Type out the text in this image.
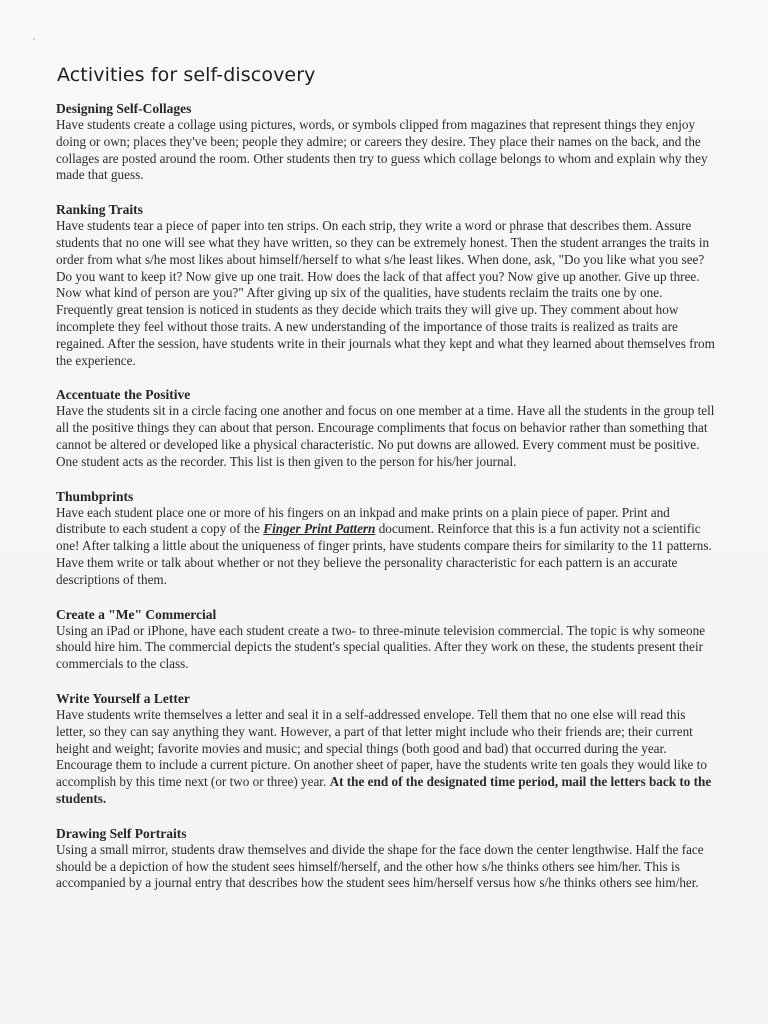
Activities for self-discovery
Designing Self-Collages

Have students create a collage using pictures, words, or symbols clipped from magazines that represent things they enjoy doing or own; places they've been; people they admire; or careers they desire. They place their names on the back, and the collages are posted around the room. Other students then try to guess which collage belongs to whom and explain why they made that guess.

Ranking Traits

Have students tear a piece of paper into ten strips. On each strip, they write a word or phrase that describes them. Assure students that no one will see what they have written, so they can be extremely honest. Then the student arranges the traits in order from what s/he most likes about himself/herself to what s/he least likes. When done, ask, "Do you like what you see? Do you want to keep it? Now give up one trait. How does the lack of that affect you? Now give up another. Give up three. Now what kind of person are you?" After giving up six of the qualities, have students reclaim the traits one by one. Frequently great tension is noticed in students as they decide which traits they will give up. They comment about how incomplete they feel without those traits. A new understanding of the importance of those traits is realized as traits are regained. After the session, have students write in their journals what they kept and what they learned about themselves from the experience.

Accentuate the Positive

Have the students sit in a circle facing one another and focus on one member at a time. Have all the students in the group tell all the positive things they can about that person. Encourage compliments that focus on behavior rather than something that cannot be altered or developed like a physical characteristic. No put downs are allowed. Every comment must be positive. One student acts as the recorder. This list is then given to the person for his/her journal.

Thumbprints

Have each student place one or more of his fingers on an inkpad and make prints on a plain piece of paper. Print and distribute to each student a copy of the Finger Print Pattern document. Reinforce that this is a fun activity not a scientific one! After talking a little about the uniqueness of finger prints, have students compare theirs for similarity to the 11 patterns. Have them write or talk about whether or not they believe the personality characteristic for each pattern is an accurate descriptions of them.

Create a "Me" Commercial

Using an iPad or iPhone, have each student create a two- to three-minute television commercial. The topic is why someone should hire him. The commercial depicts the student's special qualities. After they work on these, the students present their commercials to the class.

Write Yourself a Letter

Have students write themselves a letter and seal it in a self-addressed envelope. Tell them that no one else will read this letter, so they can say anything they want. However, a part of that letter might include who their friends are; their current height and weight; favorite movies and music; and special things (both good and bad) that occurred during the year. Encourage them to include a current picture. On another sheet of paper, have the students write ten goals they would like to accomplish by this time next (or two or three) year. At the end of the designated time period, mail the letters back to the students.

Drawing Self Portraits

Using a small mirror, students draw themselves and divide the shape for the face down the center lengthwise. Half the face should be a depiction of how the student sees himself/herself, and the other how s/he thinks others see him/her. This is accompanied by a journal entry that describes how the student sees him/herself versus how s/he thinks others see him/her.
